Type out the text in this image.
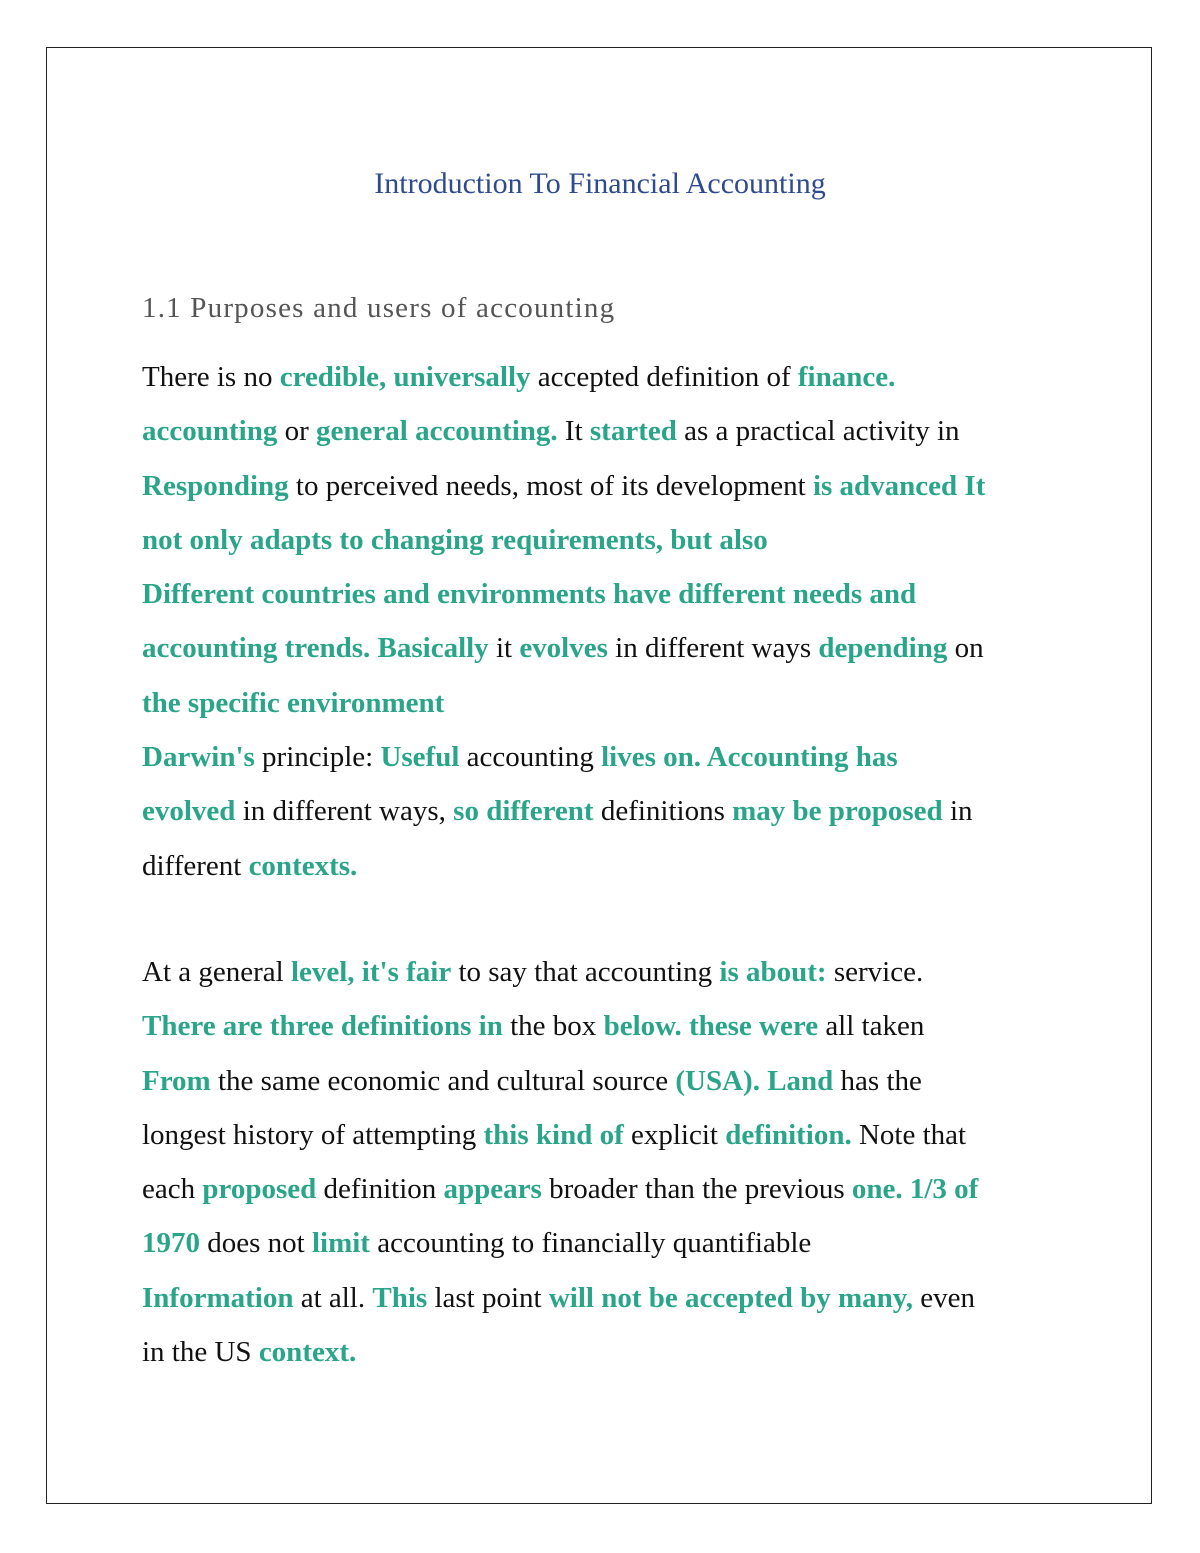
Introduction To Financial Accounting
1.1 Purposes and users of accounting
There is no credible, universally accepted definition of finance.
accounting or general accounting. It started as a practical activity in
Responding to perceived needs, most of its development is advanced It
not only adapts to changing requirements, but also
Different countries and environments have different needs and
accounting trends. Basically it evolves in different ways depending on
the specific environment
Darwin's principle: Useful accounting lives on. Accounting has
evolved in different ways, so different definitions may be proposed in
different contexts.
At a general level, it's fair to say that accounting is about: service.
There are three definitions in the box below. these were all taken
From the same economic and cultural source (USA). Land has the
longest history of attempting this kind of explicit definition. Note that
each proposed definition appears broader than the previous one. 1/3 of
1970 does not limit accounting to financially quantifiable
Information at all. This last point will not be accepted by many, even
in the US context.
